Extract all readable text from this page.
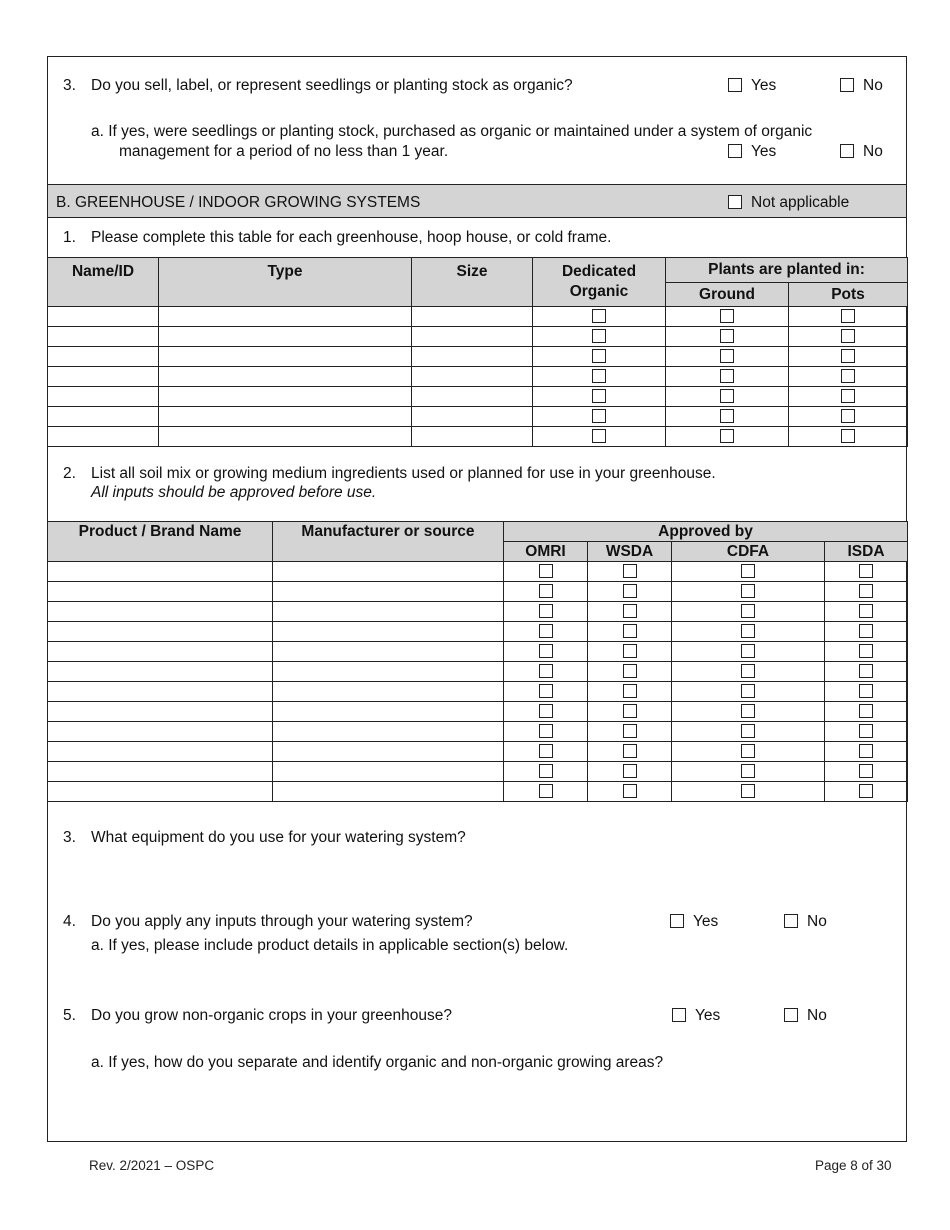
3. Do you sell, label, or represent seedlings or planting stock as organic?	Yes	No
a. If yes, were seedlings or planting stock, purchased as organic or maintained under a system of organic
management for a period of no less than 1 year.	Yes	No
B. GREENHOUSE / INDOOR GROWING SYSTEMS	Not applicable
1. Please complete this table for each greenhouse, hoop house, or cold frame.
Name/ID	Type	Size	Dedicated
Organic	Plants are planted in:	
				Ground	Pots

2. List all soil mix or growing medium ingredients used or planned for use in your greenhouse.
All inputs should be approved before use.
Product / Brand Name	Manufacturer or source	Approved by			
		OMRI	WSDA	CDFA	ISDA

3. What equipment do you use for your watering system?
4. Do you apply any inputs through your watering system?	Yes	No
a. If yes, please include product details in applicable section(s) below.
5. Do you grow non-organic crops in your greenhouse?	Yes	No
a. If yes, how do you separate and identify organic and non-organic growing areas?
Rev. 2/2021 – OSPC	Page 8 of 30
